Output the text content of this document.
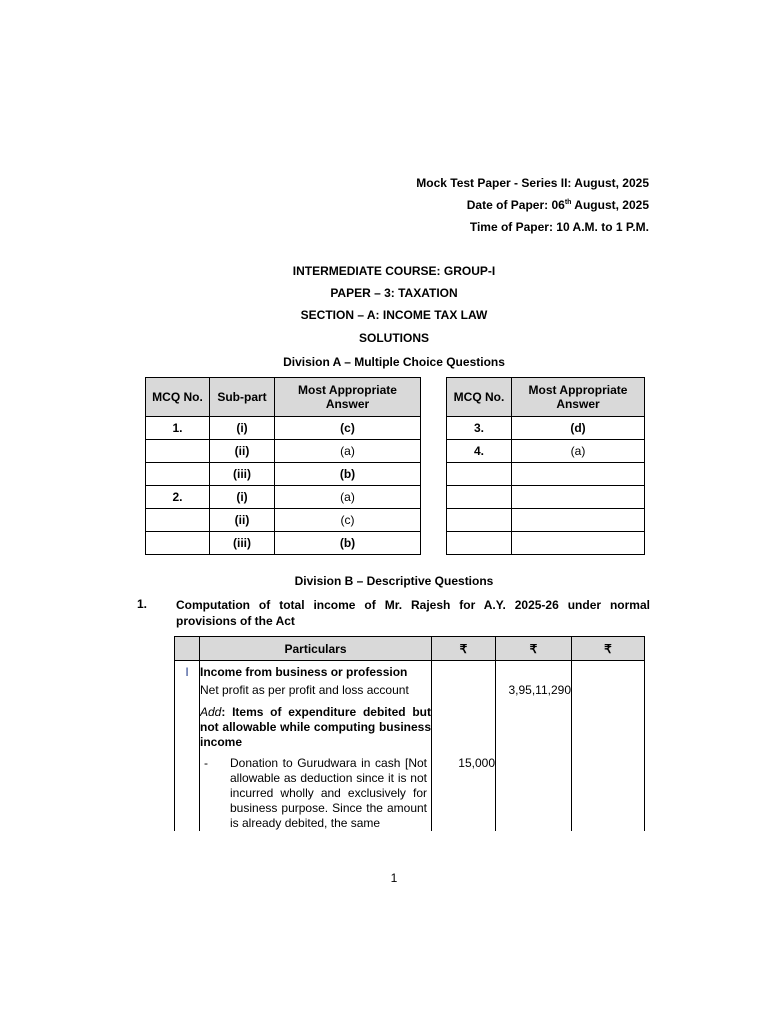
Mock Test Paper - Series II: August, 2025
Date of Paper: 06th August, 2025
Time of Paper: 10 A.M. to 1 P.M.
INTERMEDIATE COURSE: GROUP-I
PAPER – 3: TAXATION
SECTION – A: INCOME TAX LAW
SOLUTIONS
Division A – Multiple Choice Questions
MCQ No.	Sub-part	Most Appropriate Answer
1.	(i)	(c)
	(ii)	(a)
	(iii)	(b)
2.	(i)	(a)
	(ii)	(c)
	(iii)	(b)
MCQ No.	Most Appropriate Answer
3.	(d)
4.	(a)

Division B – Descriptive Questions
1. Computation of total income of Mr. Rajesh for A.Y. 2025-26 under normal provisions of the Act
	Particulars	₹	₹	₹
I	Income from business or profession			
	Net profit as per profit and loss account		3,95,11,290	
	Add: Items of expenditure debited but not allowable while computing business income			

	- Donation to Gurudwara in cash [Not allowable as deduction since it is not incurred wholly and exclusively for business purpose. Since the amount is already debited, the same	15,000		
1
